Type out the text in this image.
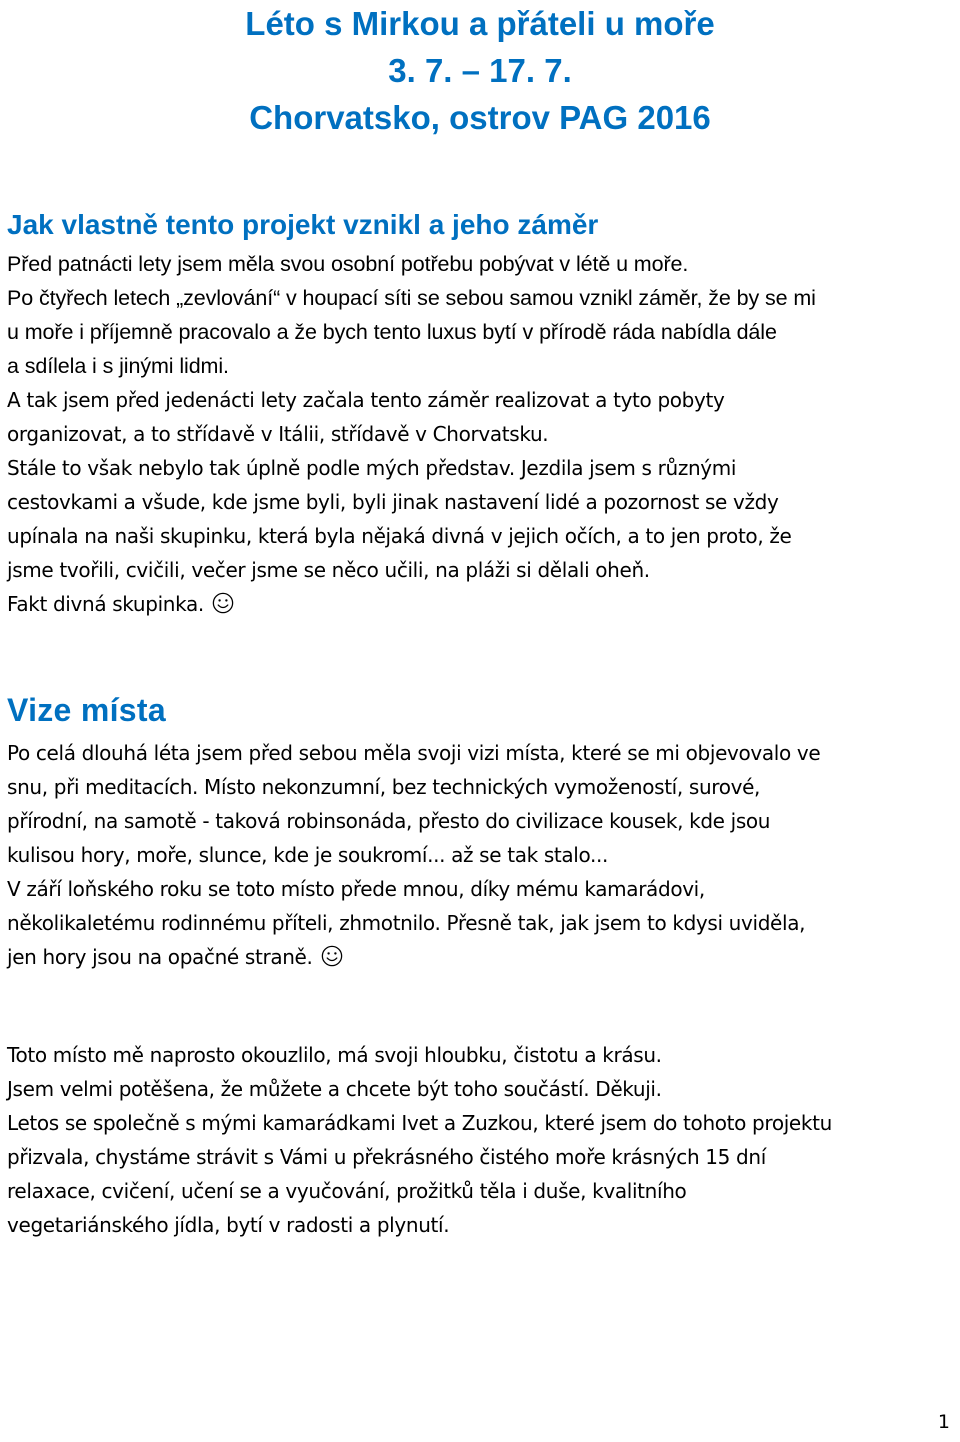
Léto s Mirkou a přáteli u moře
3. 7. – 17. 7.
Chorvatsko, ostrov PAG 2016
Jak vlastně tento projekt vznikl a jeho záměr

Před patnácti lety jsem měla svou osobní potřebu pobývat v létě u moře.

Po čtyřech letech „zevlování“ v houpací síti se sebou samou vznikl záměr, že by se mi

u moře i příjemně pracovalo a že bych tento luxus bytí v přírodě ráda nabídla dále

a sdílela i s jinými lidmi.

A tak jsem před jedenácti lety začala tento záměr realizovat a tyto pobyty

organizovat, a to střídavě v Itálii, střídavě v Chorvatsku.

Stále to však nebylo tak úplně podle mých představ. Jezdila jsem s různými

cestovkami a všude, kde jsme byli, byli jinak nastavení lidé a pozornost se vždy

upínala na naši skupinku, která byla nějaká divná v jejich očích, a to jen proto, že

jsme tvořili, cvičili, večer jsme se něco učili, na pláži si dělali oheň.

Fakt divná skupinka.

Vize místa

Po celá dlouhá léta jsem před sebou měla svoji vizi místa, které se mi objevovalo ve

snu, při meditacích. Místo nekonzumní, bez technických vymožeností, surové,

přírodní, na samotě - taková robinsonáda, přesto do civilizace kousek, kde jsou

kulisou hory, moře, slunce, kde je soukromí... až se tak stalo...

V září loňského roku se toto místo přede mnou, díky mému kamarádovi,

několikaletému rodinnému příteli, zhmotnilo. Přesně tak, jak jsem to kdysi uviděla,

jen hory jsou na opačné straně.

Toto místo mě naprosto okouzlilo, má svoji hloubku, čistotu a krásu.

Jsem velmi potěšena, že můžete a chcete být toho součástí. Děkuji.

Letos se společně s mými kamarádkami Ivet a Zuzkou, které jsem do tohoto projektu

přizvala, chystáme strávit s Vámi u překrásného čistého moře krásných 15 dní

relaxace, cvičení, učení se a vyučování, prožitků těla i duše, kvalitního

vegetariánského jídla, bytí v radosti a plynutí.

1
